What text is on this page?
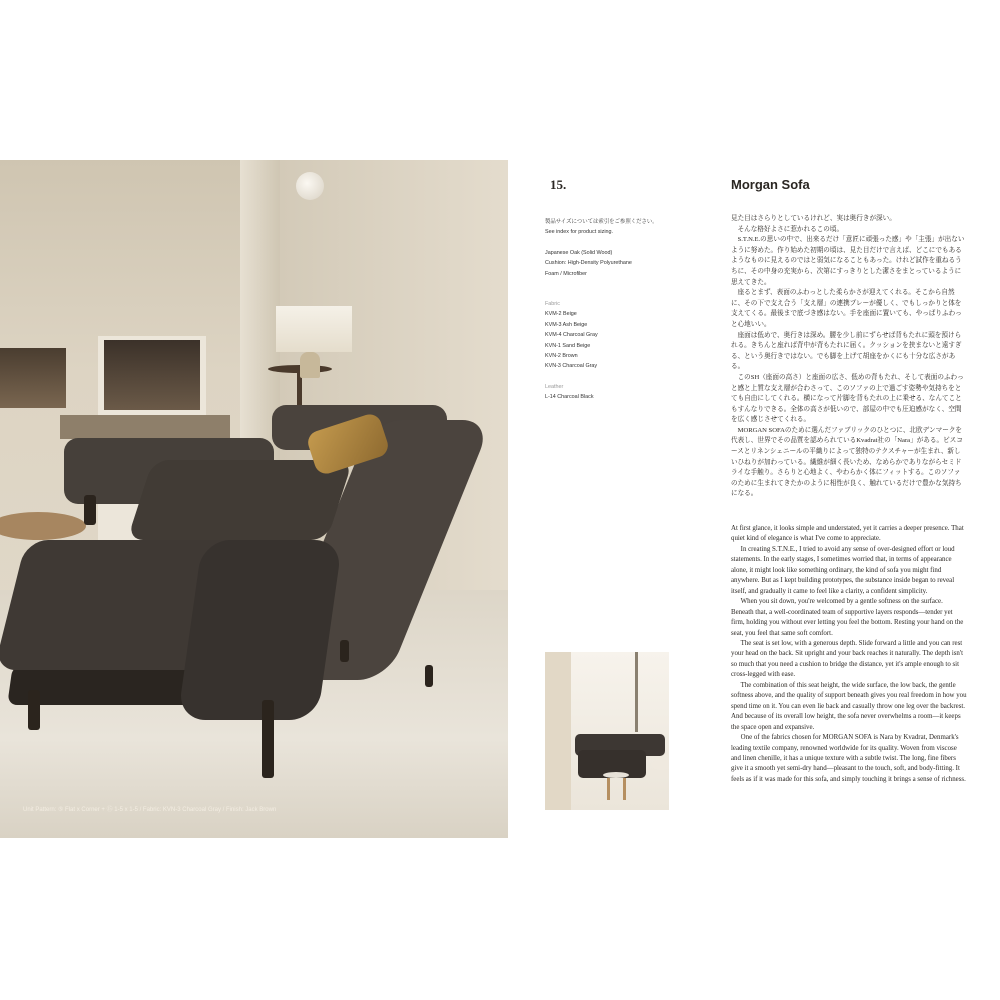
Unit Pattern: ⑤ Flat x Corner + ⑮ 1-5 x 1-5 / Fabric: KVN-3 Charcoal Gray / Finish: Jack Brown
15.	Morgan Sofa
製品サイズについては索引をご参照ください。
See index for product sizing.
Japanese Oak (Solid Wood)
Cushion: High-Density Polyurethane
Foam / Microfiber
Fabric
KVM-2 Beige
KVM-3 Ash Beige
KVM-4 Charcoal Gray
KVN-1 Sand Beige
KVN-2 Brown
KVN-3 Charcoal Gray
Leather
L-14 Charcoal Black

見た目はさらりとしているけれど、実は奥行きが深い。

そんな格好よさに惹かれるこの頃。

S.T.N.E.の思いの中で、出来るだけ「意匠に頑張った感」や「主張」が出ないように努めた。作り始めた初期の頃は、見た目だけで言えば、どこにでもあるようなものに見えるのではと弱気になることもあった。けれど試作を重ねるうちに、その中身の充実から、次第にすっきりとした潔さをまとっているように思えてきた。

座るとまず、表面のふわっとした柔らかさが迎えてくれる。そこから自然に、その下で支え合う「支え層」の連携プレーが優しく、でもしっかりと体を支えてくる。最後まで底づき感はない。手を座面に置いても、やっぱりふわっと心地いい。

座面は低めで、奥行きは深め。腰を少し前にずらせば背もたれに頭を預けられる。きちんと座れば背中が背もたれに届く。クッションを挟まないと遠すぎる、という奥行きではない。でも脚を上げて胡座をかくにも十分な広さがある。

このSH（座面の高さ）と座面の広さ、低めの背もたれ、そして表面のふわっと感と上質な支え層が合わさって、このソファの上で過ごす姿勢や気持ちをとても自由にしてくれる。横になって片脚を背もたれの上に乗せる、なんてこともすんなりできる。全体の高さが低いので、部屋の中でも圧迫感がなく、空間を広く感じさせてくれる。

MORGAN SOFAのために選んだファブリックのひとつに、北欧デンマークを代表し、世界でその品質を認められているKvadrat社の「Nara」がある。ビスコースとリネンシェニールの平織りによって独特のテクスチャーが生まれ、新しいひねりが加わっている。繊維が細く長いため、なめらかでありながらセミドライな手触り。さらりと心地よく、やわらかく体にフィットする。このソファのために生まれてきたかのように相性が良く、触れているだけで豊かな気持ちになる。

At first glance, it looks simple and understated, yet it carries a deeper presence. That quiet kind of elegance is what I've come to appreciate.

In creating S.T.N.E., I tried to avoid any sense of over-designed effort or loud statements. In the early stages, I sometimes worried that, in terms of appearance alone, it might look like something ordinary, the kind of sofa you might find anywhere. But as I kept building prototypes, the substance inside began to reveal itself, and gradually it came to feel like a clarity, a confident simplicity.

When you sit down, you're welcomed by a gentle softness on the surface. Beneath that, a well-coordinated team of supportive layers responds—tender yet firm, holding you without ever letting you feel the bottom. Resting your hand on the seat, you feel that same soft comfort.

The seat is set low, with a generous depth. Slide forward a little and you can rest your head on the back. Sit upright and your back reaches it naturally. The depth isn't so much that you need a cushion to bridge the distance, yet it's ample enough to sit cross-legged with ease.

The combination of this seat height, the wide surface, the low back, the gentle softness above, and the quality of support beneath gives you real freedom in how you spend time on it. You can even lie back and casually throw one leg over the backrest. And because of its overall low height, the sofa never overwhelms a room—it keeps the space open and expansive.

One of the fabrics chosen for MORGAN SOFA is Nara by Kvadrat, Denmark's leading textile company, renowned worldwide for its quality. Woven from viscose and linen chenille, it has a unique texture with a subtle twist. The long, fine fibers give it a smooth yet semi-dry hand—pleasant to the touch, soft, and body-fitting. It feels as if it was made for this sofa, and simply touching it brings a sense of richness.
